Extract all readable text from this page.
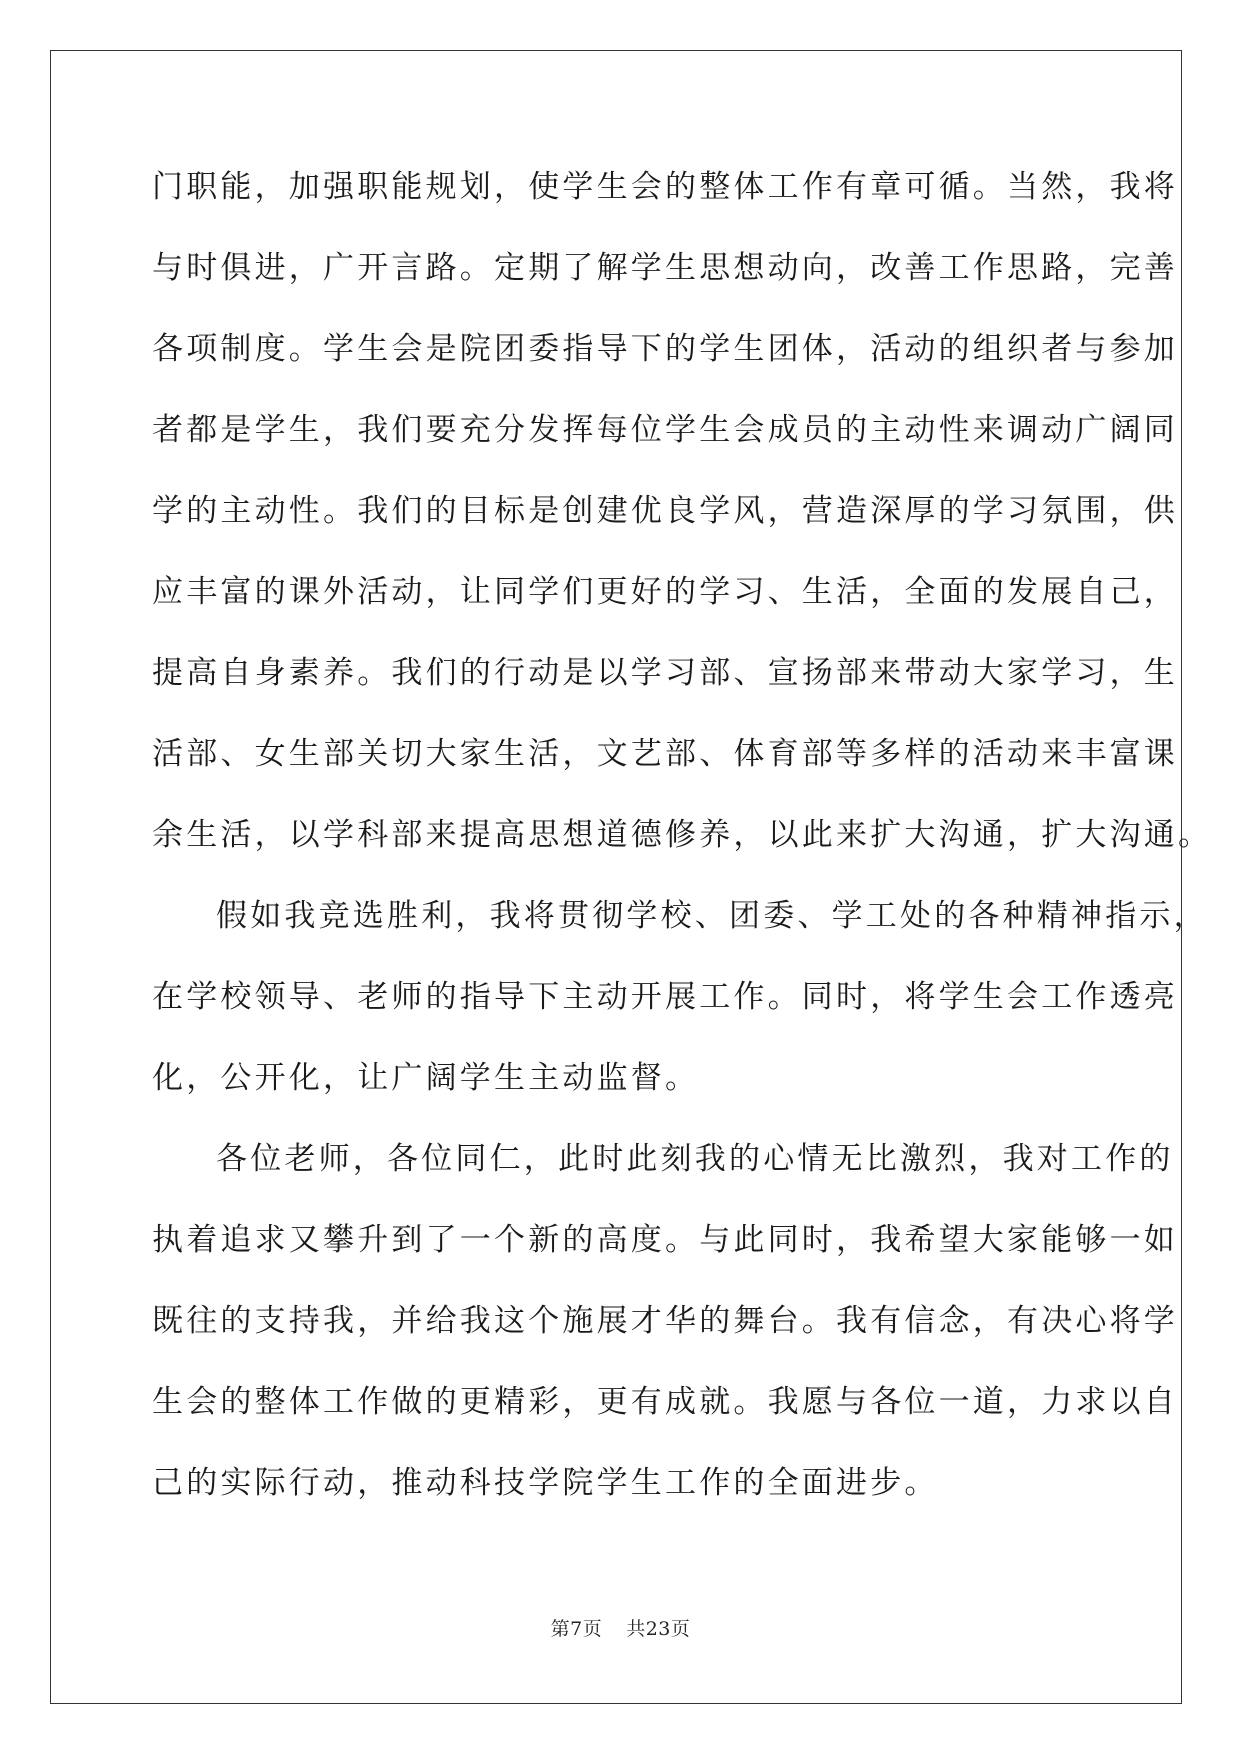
门职能，加强职能规划，使学生会的整体工作有章可循。当然，我将
与时俱进，广开言路。定期了解学生思想动向，改善工作思路，完善
各项制度。学生会是院团委指导下的学生团体，活动的组织者与参加
者都是学生，我们要充分发挥每位学生会成员的主动性来调动广阔同
学的主动性。我们的目标是创建优良学风，营造深厚的学习氛围，供
应丰富的课外活动，让同学们更好的学习、生活，全面的发展自己，
提高自身素养。我们的行动是以学习部、宣扬部来带动大家学习，生
活部、女生部关切大家生活，文艺部、体育部等多样的活动来丰富课
余生活，以学科部来提高思想道德修养，以此来扩大沟通，扩大沟通。
假如我竞选胜利，我将贯彻学校、团委、学工处的各种精神指示，
在学校领导、老师的指导下主动开展工作。同时，将学生会工作透亮
化，公开化，让广阔学生主动监督。
各位老师，各位同仁，此时此刻我的心情无比激烈，我对工作的
执着追求又攀升到了一个新的高度。与此同时，我希望大家能够一如
既往的支持我，并给我这个施展才华的舞台。我有信念，有决心将学
生会的整体工作做的更精彩，更有成就。我愿与各位一道，力求以自
己的实际行动，推动科技学院学生工作的全面进步。
第7页 共23页
